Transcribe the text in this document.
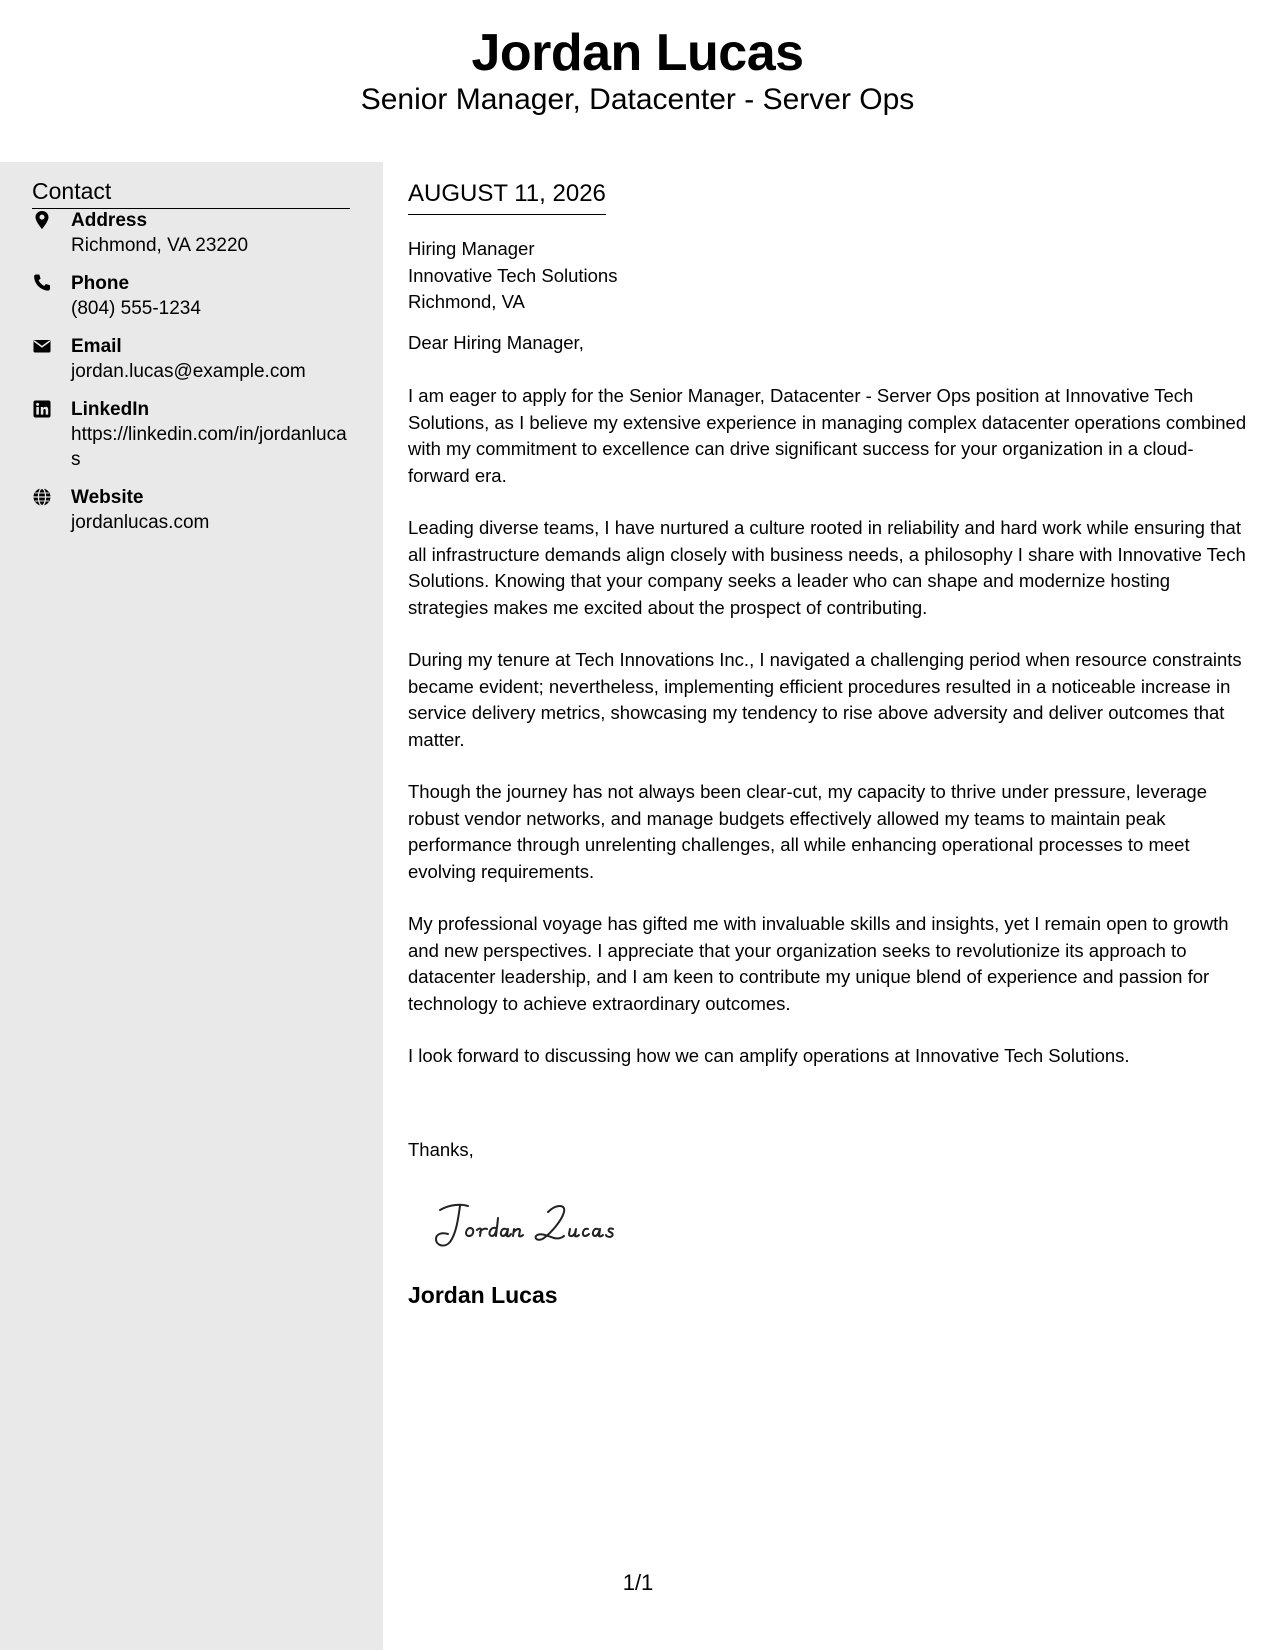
Jordan Lucas
Senior Manager, Datacenter - Server Ops
Contact
Address
Richmond, VA 23220
Phone
(804) 555-1234
Email
jordan.lucas@example.com
LinkedIn
https://linkedin.com/in/jordanlucas
Website
jordanlucas.com
AUGUST 11, 2026
Hiring Manager
Innovative Tech Solutions
Richmond, VA
Dear Hiring Manager,

I am eager to apply for the Senior Manager, Datacenter - Server Ops position at Innovative Tech Solutions, as I believe my extensive experience in managing complex datacenter operations combined with my commitment to excellence can drive significant success for your organization in a cloud-forward era.

Leading diverse teams, I have nurtured a culture rooted in reliability and hard work while ensuring that all infrastructure demands align closely with business needs, a philosophy I share with Innovative Tech Solutions. Knowing that your company seeks a leader who can shape and modernize hosting strategies makes me excited about the prospect of contributing.

During my tenure at Tech Innovations Inc., I navigated a challenging period when resource constraints became evident; nevertheless, implementing efficient procedures resulted in a noticeable increase in service delivery metrics, showcasing my tendency to rise above adversity and deliver outcomes that matter.

Though the journey has not always been clear-cut, my capacity to thrive under pressure, leverage robust vendor networks, and manage budgets effectively allowed my teams to maintain peak performance through unrelenting challenges, all while enhancing operational processes to meet evolving requirements.

My professional voyage has gifted me with invaluable skills and insights, yet I remain open to growth and new perspectives. I appreciate that your organization seeks to revolutionize its approach to datacenter leadership, and I am keen to contribute my unique blend of experience and passion for technology to achieve extraordinary outcomes.

I look forward to discussing how we can amplify operations at Innovative Tech Solutions.

Thanks,
Jordan Lucas
1/1
